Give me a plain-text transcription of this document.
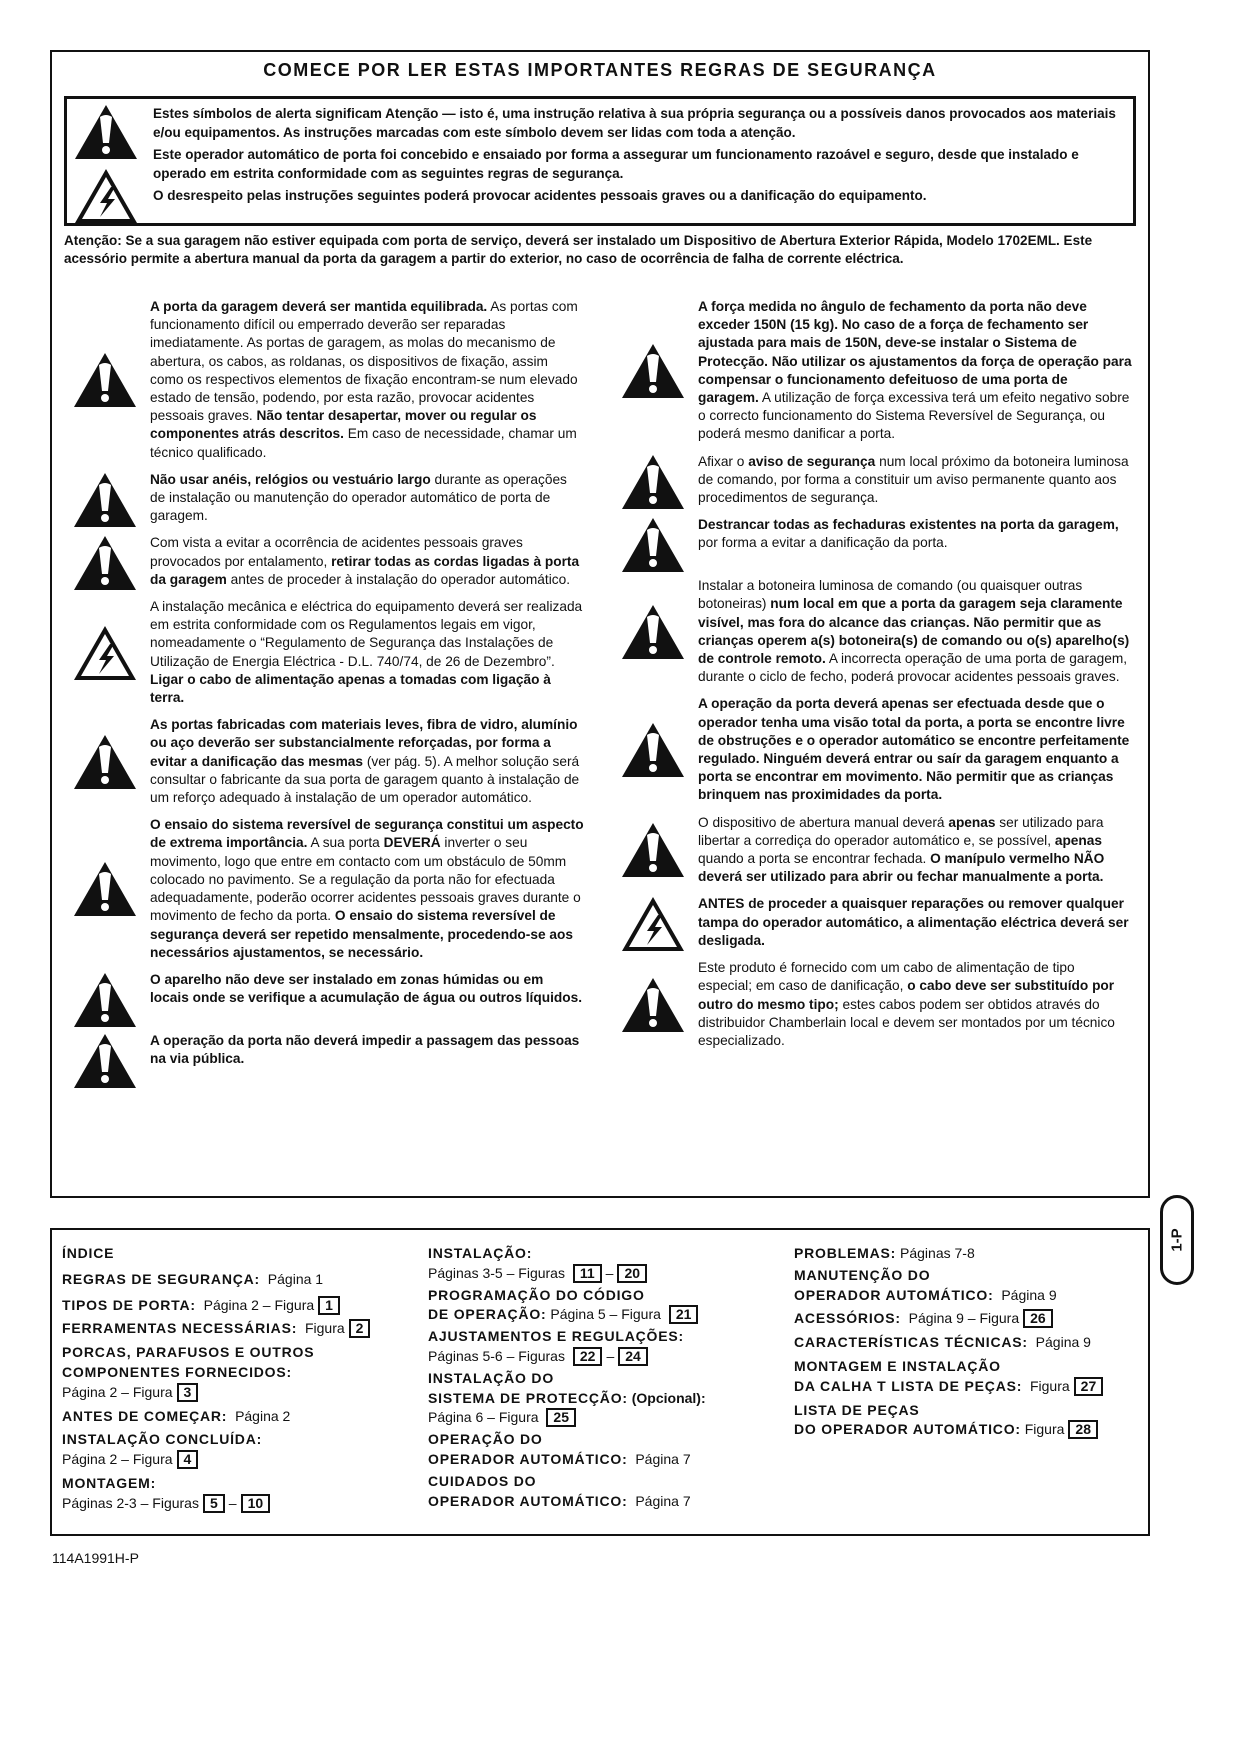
COMECE POR LER ESTAS IMPORTANTES REGRAS DE SEGURANÇA

Estes símbolos de alerta significam Atenção — isto é, uma instrução relativa à sua própria segurança ou a possíveis danos provocados aos materiais e/ou equipamentos. As instruções marcadas com este símbolo devem ser lidas com toda a atenção.

Este operador automático de porta foi concebido e ensaiado por forma a assegurar um funcionamento razoável e seguro, desde que instalado e operado em estrita conformidade com as seguintes regras de segurança.

O desrespeito pelas instruções seguintes poderá provocar acidentes pessoais graves ou a danificação do equipamento.

Atenção: Se a sua garagem não estiver equipada com porta de serviço, deverá ser instalado um Dispositivo de Abertura Exterior Rápida, Modelo 1702EML. Este acessório permite a abertura manual da porta da garagem a partir do exterior, no caso de ocorrência de falha de corrente eléctrica.
A porta da garagem deverá ser mantida equilibrada. As portas com funcionamento difícil ou emperrado deverão ser reparadas imediatamente. As portas de garagem, as molas do mecanismo de abertura, os cabos, as roldanas, os dispositivos de fixação, assim como os respectivos elementos de fixação encontram-se num elevado estado de tensão, podendo, por esta razão, provocar acidentes pessoais graves. Não tentar desapertar, mover ou regular os componentes atrás descritos. Em caso de necessidade, chamar um técnico qualificado.
Não usar anéis, relógios ou vestuário largo durante as operações de instalação ou manutenção do operador automático de porta de garagem.
Com vista a evitar a ocorrência de acidentes pessoais graves provocados por entalamento, retirar todas as cordas ligadas à porta da garagem antes de proceder à instalação do operador automático.
A instalação mecânica e eléctrica do equipamento deverá ser realizada em estrita conformidade com os Regulamentos legais em vigor, nomeadamente o “Regulamento de Segurança das Instalações de Utilização de Energia Eléctrica - D.L. 740/74, de 26 de Dezembro”. Ligar o cabo de alimentação apenas a tomadas com ligação à terra.
As portas fabricadas com materiais leves, fibra de vidro, alumínio ou aço deverão ser substancialmente reforçadas, por forma a evitar a danificação das mesmas (ver pág. 5). A melhor solução será consultar o fabricante da sua porta de garagem quanto à instalação de um reforço adequado à instalação de um operador automático.
O ensaio do sistema reversível de segurança constitui um aspecto de extrema importância. A sua porta DEVERÁ inverter o seu movimento, logo que entre em contacto com um obstáculo de 50mm colocado no pavimento. Se a regulação da porta não for efectuada adequadamente, poderão ocorrer acidentes pessoais graves durante o movimento de fecho da porta. O ensaio do sistema reversível de segurança deverá ser repetido mensalmente, procedendo-se aos necessários ajustamentos, se necessário.
O aparelho não deve ser instalado em zonas húmidas ou em locais onde se verifique a acumulação de água ou outros líquidos.
A operação da porta não deverá impedir a passagem das pessoas na via pública.
A força medida no ângulo de fechamento da porta não deve exceder 150N (15 kg). No caso de a força de fechamento ser ajustada para mais de 150N, deve-se instalar o Sistema de Protecção. Não utilizar os ajustamentos da força de operação para compensar o funcionamento defeituoso de uma porta de garagem. A utilização de força excessiva terá um efeito negativo sobre o correcto funcionamento do Sistema Reversível de Segurança, ou poderá mesmo danificar a porta.
Afixar o aviso de segurança num local próximo da botoneira luminosa de comando, por forma a constituir um aviso permanente quanto aos procedimentos de segurança.
Destrancar todas as fechaduras existentes na porta da garagem, por forma a evitar a danificação da porta.
Instalar a botoneira luminosa de comando (ou quaisquer outras botoneiras) num local em que a porta da garagem seja claramente visível, mas fora do alcance das crianças. Não permitir que as crianças operem a(s) botoneira(s) de comando ou o(s) aparelho(s) de controle remoto. A incorrecta operação de uma porta de garagem, durante o ciclo de fecho, poderá provocar acidentes pessoais graves.
A operação da porta deverá apenas ser efectuada desde que o operador tenha uma visão total da porta, a porta se encontre livre de obstruções e o operador automático se encontre perfeitamente regulado. Ninguém deverá entrar ou saír da garagem enquanto a porta se encontrar em movimento. Não permitir que as crianças brinquem nas proximidades da porta.
O dispositivo de abertura manual deverá apenas ser utilizado para libertar a corrediça do operador automático e, se possível, apenas quando a porta se encontrar fechada. O manípulo vermelho NÃO deverá ser utilizado para abrir ou fechar manualmente a porta.
ANTES de proceder a quaisquer reparações ou remover qualquer tampa do operador automático, a alimentação eléctrica deverá ser desligada.
Este produto é fornecido com um cabo de alimentação de tipo especial; em caso de danificação, o cabo deve ser substituído por outro do mesmo tipo; estes cabos podem ser obtidos através do distribuidor Chamberlain local e devem ser montados por um técnico especializado.
1-P
ÍNDICE
REGRAS DE SEGURANÇA: Página 1
TIPOS DE PORTA: Página 2 – Figura 1
FERRAMENTAS NECESSÁRIAS: Figura 2
PORCAS, PARAFUSOS E OUTROS
COMPONENTES FORNECIDOS:
Página 2 – Figura 3
ANTES DE COMEÇAR: Página 2
INSTALAÇÃO CONCLUÍDA:
Página 2 – Figura 4
MONTAGEM:
Páginas 2-3 – Figuras 5 – 10
INSTALAÇÃO:
Páginas 3-5 – Figuras 11 – 20
PROGRAMAÇÃO DO CÓDIGO
DE OPERAÇÃO: Página 5 – Figura 21
AJUSTAMENTOS E REGULAÇÕES:
Páginas 5-6 – Figuras 22 – 24
INSTALAÇÃO DO
SISTEMA DE PROTECÇÃO: (Opcional):
Página 6 – Figura 25
OPERAÇÃO DO
OPERADOR AUTOMÁTICO: Página 7
CUIDADOS DO
OPERADOR AUTOMÁTICO: Página 7
PROBLEMAS: Páginas 7-8
MANUTENÇÃO DO
OPERADOR AUTOMÁTICO: Página 9
ACESSÓRIOS: Página 9 – Figura 26
CARACTERÍSTICAS TÉCNICAS: Página 9
MONTAGEM E INSTALAÇÃO
DA CALHA T LISTA DE PEÇAS: Figura 27
LISTA DE PEÇAS
DO OPERADOR AUTOMÁTICO: Figura 28
114A1991H-P
